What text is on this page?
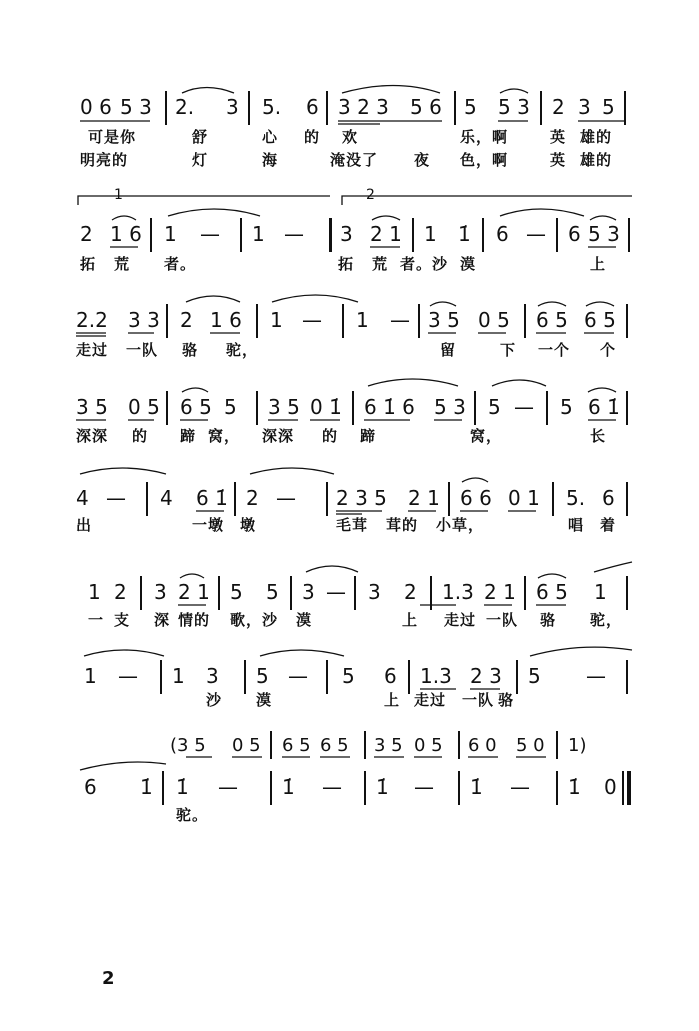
0 6 5 3 2. 3 5. 6 3 2 3 5 6 5 5 3 2 3 5
可是你	舒	心 的 欢	乐，啊	英 雄的
明亮的	灯	海	淹没了 夜 色，啊	英 雄的
1	2
2 1 6 1 — 1 — 3 2 1 1 1̇ 6 — 6 5 3
拓 荒 者。	拓 荒 者。沙 漠	上
2.2 3 3 2 1 6 1 — 1 — 3 5 0 5 6 5 6 5
走过 一队 骆 驼，	留	下 一个 个
3 5 0 5 6 5 5 3 5 0 1̇ 6 1̇ 6 5 3 5 — 5 6 1̇
深深 的 蹄 窝， 深深 的 蹄	窝，	长
4 — 4 6 1̇ 2 — 2 3 5 2 1 6 6 0 1 5. 6
出	一墩 墩	毛茸 茸的 小草，	唱 着
1 2 3 2 1 5 5 3 — 3 2 1.3 2 1 6 5 1
一 支 深 情的 歌，沙 漠	上 走过 一队 骆 驼，
1 — 1 3 5 — 5 6 1.3 2 3 5 —
沙 漠	上 走过 一队 骆
(3 5 0 5 6 5 6 5 3 5 0 5 6 0 5 0 1)
6 1̇ 1̇ — 1̇ — 1̇ — 1̇ — 1̇ 0
驼。
2
